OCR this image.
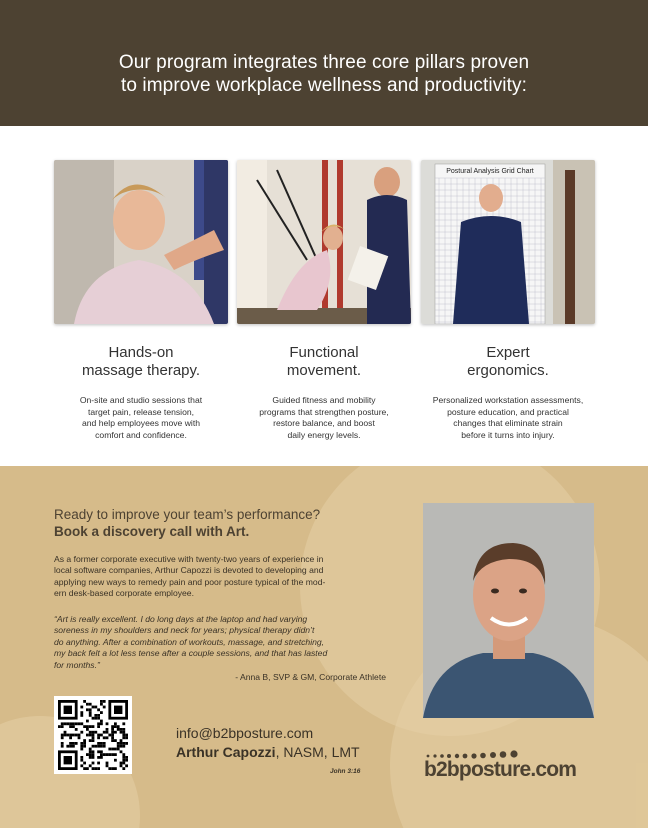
Our program integrates three core pillars proven

to improve workplace wellness and productivity:

Hands-on
massage therapy.
On-site and studio sessions that
target pain, release tension,
and help employees move with
comfort and confidence.
Functional
movement.
Guided fitness and mobility
programs that strengthen posture,
restore balance, and boost
daily energy levels.
Postural Analysis Grid Chart
Expert
ergonomics.
Personalized workstation assessments,
posture education, and practical
changes that eliminate strain
before it turns into injury.
Ready to improve your team’s performance?
Book a discovery call with Art.
As a former corporate executive with twenty-two years of experience in
local software companies, Arthur Capozzi is devoted to developing and
applying new ways to remedy pain and poor posture typical of the mod-
ern desk-based corporate employee.
“Art is really excellent. I do long days at the laptop and had varying
soreness in my shoulders and neck for years; physical therapy didn’t
do anything. After a combination of workouts, massage, and stretching,
my back felt a lot less tense after a couple sessions, and that has lasted
for months.”
- Anna B, SVP & GM, Corporate Athlete
info@b2bposture.com
Arthur Capozzi, NASM, LMT
John 3:16	b2bposture.com
